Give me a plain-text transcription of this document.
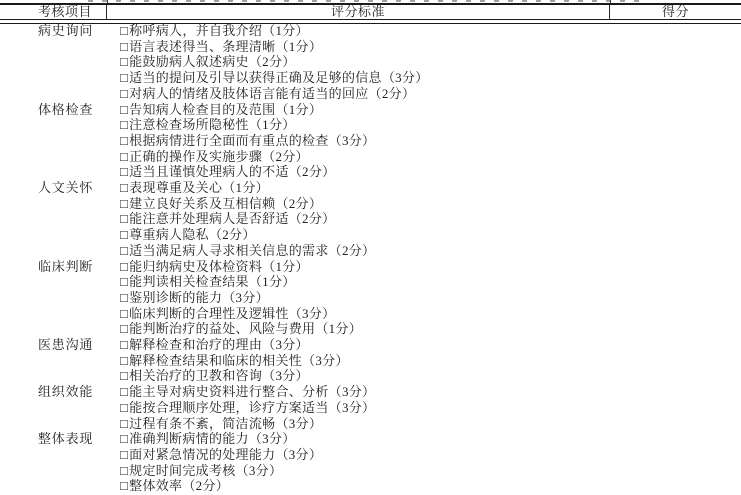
考核项目	评分标准	得分
病史询问	□称呼病人，并自我介绍（1分）
□语言表述得当、条理清晰（1分）
□能鼓励病人叙述病史（2分）
□适当的提问及引导以获得正确及足够的信息（3分）
□对病人的情绪及肢体语言能有适当的回应（2分）
体格检查	□告知病人检查目的及范围（1分）
□注意检查场所隐秘性（1分）
□根据病情进行全面而有重点的检查（3分）
□正确的操作及实施步骤（2分）
□适当且谨慎处理病人的不适（2分）
人文关怀	□表现尊重及关心（1分）
□建立良好关系及互相信赖（2分）
□能注意并处理病人是否舒适（2分）
□尊重病人隐私（2分）
□适当满足病人寻求相关信息的需求（2分）
临床判断	□能归纳病史及体检资料（1分）
□能判读相关检查结果（1分）
□鉴别诊断的能力（3分）
□临床判断的合理性及逻辑性（3分）
□能判断治疗的益处、风险与费用（1分）
医患沟通	□解释检查和治疗的理由（3分）
□解释检查结果和临床的相关性（3分）
□相关治疗的卫教和咨询（3分）
组织效能	□能主导对病史资料进行整合、分析（3分）
□能按合理顺序处理，诊疗方案适当（3分）
□过程有条不紊，简洁流畅（3分）
整体表现	□准确判断病情的能力（3分）
□面对紧急情况的处理能力（3分）
□规定时间完成考核（3分）
□整体效率（2分）
